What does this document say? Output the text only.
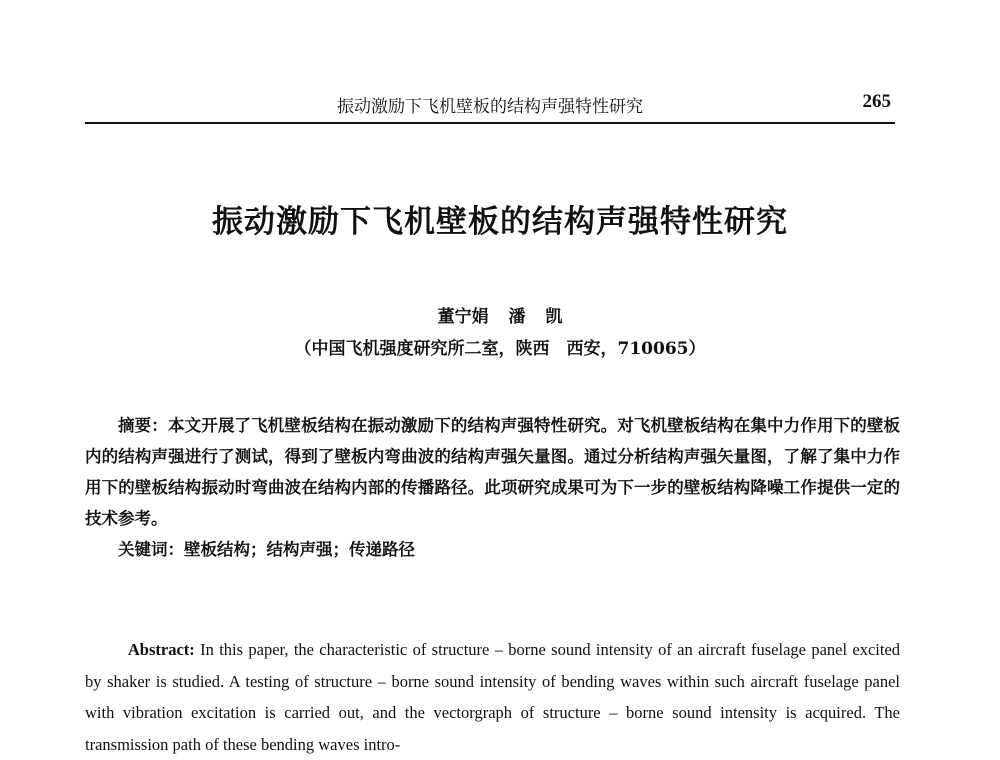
振动激励下飞机壁板的结构声强特性研究	265
振动激励下飞机壁板的结构声强特性研究
董宁娟 潘 凯
（中国飞机强度研究所二室，陕西　西安，710065）
摘要：本文开展了飞机壁板结构在振动激励下的结构声强特性研究。对飞机壁板结构在集中力作用下的壁板内的结构声强进行了测试，得到了壁板内弯曲波的结构声强矢量图。通过分析结构声强矢量图，了解了集中力作用下的壁板结构振动时弯曲波在结构内部的传播路径。此项研究成果可为下一步的壁板结构降噪工作提供一定的技术参考。
关键词：壁板结构；结构声强；传递路径
Abstract: In this paper, the characteristic of structure – borne sound intensity of an aircraft fuselage panel excited by shaker is studied. A testing of structure – borne sound intensity of bending waves within such aircraft fuselage panel with vibration excitation is carried out, and the vectorgraph of structure – borne sound intensity is acquired. The transmission path of these bending waves intro-
